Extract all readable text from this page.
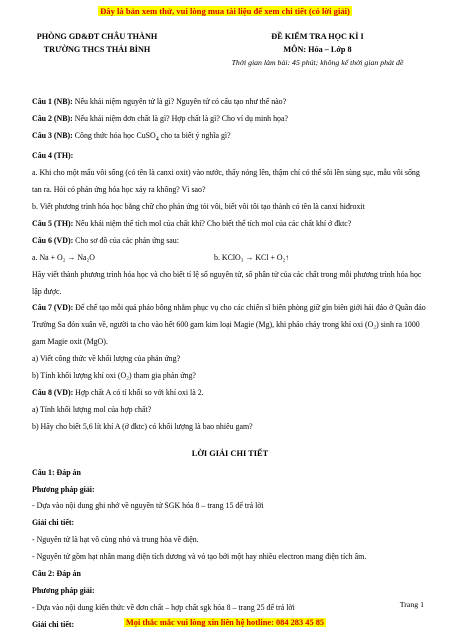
Đây là bản xem thử, vui lòng mua tài liệu để xem chi tiết (có lời giải)
PHÒNG GD&ĐT CHÂU THÀNH
TRƯỜNG THCS THÁI BÌNH
ĐỀ KIỂM TRA HỌC KÌ I
MÔN: Hóa – Lớp 8
Thời gian làm bài: 45 phút; không kể thời gian phát đề

Câu 1 (NB): Nếu khái niệm nguyên tử là gì? Nguyên tử có cấu tạo như thế nào?

Câu 2 (NB): Nếu khái niệm đơn chất là gì? Hợp chất là gì? Cho ví dụ minh họa?

Câu 3 (NB): Công thức hóa học CuSO$_4$ cho ta biết ý nghĩa gì?

Câu 4 (TH):

a. Khi cho một mẩu vôi sống (có tên là canxi oxit) vào nước, thấy nóng lên, thậm chí có thể sôi lên sùng sục, mẫu vôi sống tan ra. Hỏi có phản ứng hóa học xảy ra không? Vì sao?

b. Viết phương trình hóa học bằng chữ cho phản ứng tỏi vôi, biết vôi tôi tạo thành có tên là canxi hiđroxit

Câu 5 (TH): Nếu khái niệm thể tích mol của chất khí? Cho biết thể tích mol của các chất khí ở đktc?

Câu 6 (VD): Cho sơ đồ của các phản ứng sau:

a. Na + O₂ → Na₂O	b. KClO₃ → KCl + O₂↑

Hãy viết thành phương trình hóa học và cho biết tỉ lệ số nguyên tử, số phân tử của các chất trong mỗi phương trình hóa học lập được.

Câu 7 (VD): Để chế tạo mỗi quả pháo bông nhằm phục vụ cho các chiến sĩ biên phòng giữ gìn biên giới hải đảo ở Quần đảo Trường Sa đón xuân về, người ta cho vào hết 600 gam kim loại Magie (Mg), khi pháo cháy trong khí oxi (O₂) sinh ra 1000 gam Magie oxit (MgO).

a) Viết công thức về khối lượng của phản ứng?

b) Tính khối lượng khí oxi (O₂) tham gia phản ứng?

Câu 8 (VD): Hợp chất A có tỉ khối so với khí oxi là 2.

a) Tính khối lượng mol của hợp chất?

b) Hãy cho biết 5,6 lít khí A (ở đktc) có khối lượng là bao nhiêu gam?

LỜI GIẢI CHI TIẾT

Câu 1: Đáp án

Phương pháp giải:

- Dựa vào nội dung ghi nhớ về nguyên tử SGK hóa 8 – trang 15 để trả lời

Giải chi tiết:

- Nguyên tử là hạt vô cùng nhỏ và trung hòa về điện.

- Nguyên tử gồm hạt nhân mang điện tích dương và vỏ tạo bởi một hay nhiều electron mang điện tích âm.

Câu 2: Đáp án

Phương pháp giải:

- Dựa vào nội dung kiến thức về đơn chất – hợp chất sgk hóa 8 – trang 25 để trả lời

Giải chi tiết:

Trang 1
Mọi thắc mắc vui lòng xin liên hệ hotline: 084 283 45 85
